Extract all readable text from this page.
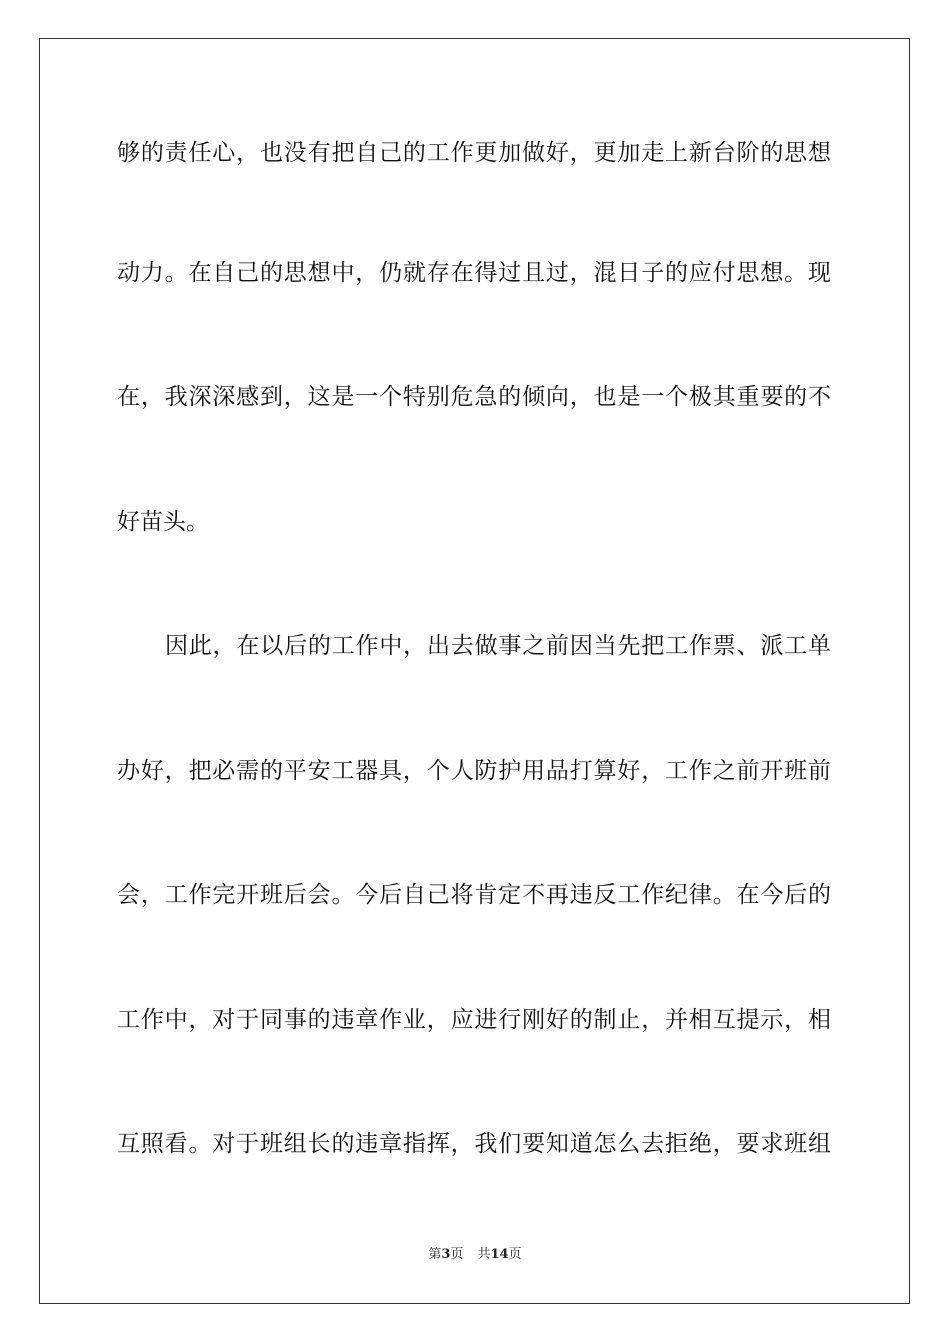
够的责任心，也没有把自己的工作更加做好，更加走上新台阶的思想
动力。在自己的思想中，仍就存在得过且过，混日子的应付思想。现
在，我深深感到，这是一个特别危急的倾向，也是一个极其重要的不
好苗头。
因此，在以后的工作中，出去做事之前因当先把工作票、派工单
办好，把必需的平安工器具，个人防护用品打算好，工作之前开班前
会，工作完开班后会。今后自己将肯定不再违反工作纪律。在今后的
工作中，对于同事的违章作业，应进行刚好的制止，并相互提示，相
互照看。对于班组长的违章指挥，我们要知道怎么去拒绝，要求班组
第3页 共14页
